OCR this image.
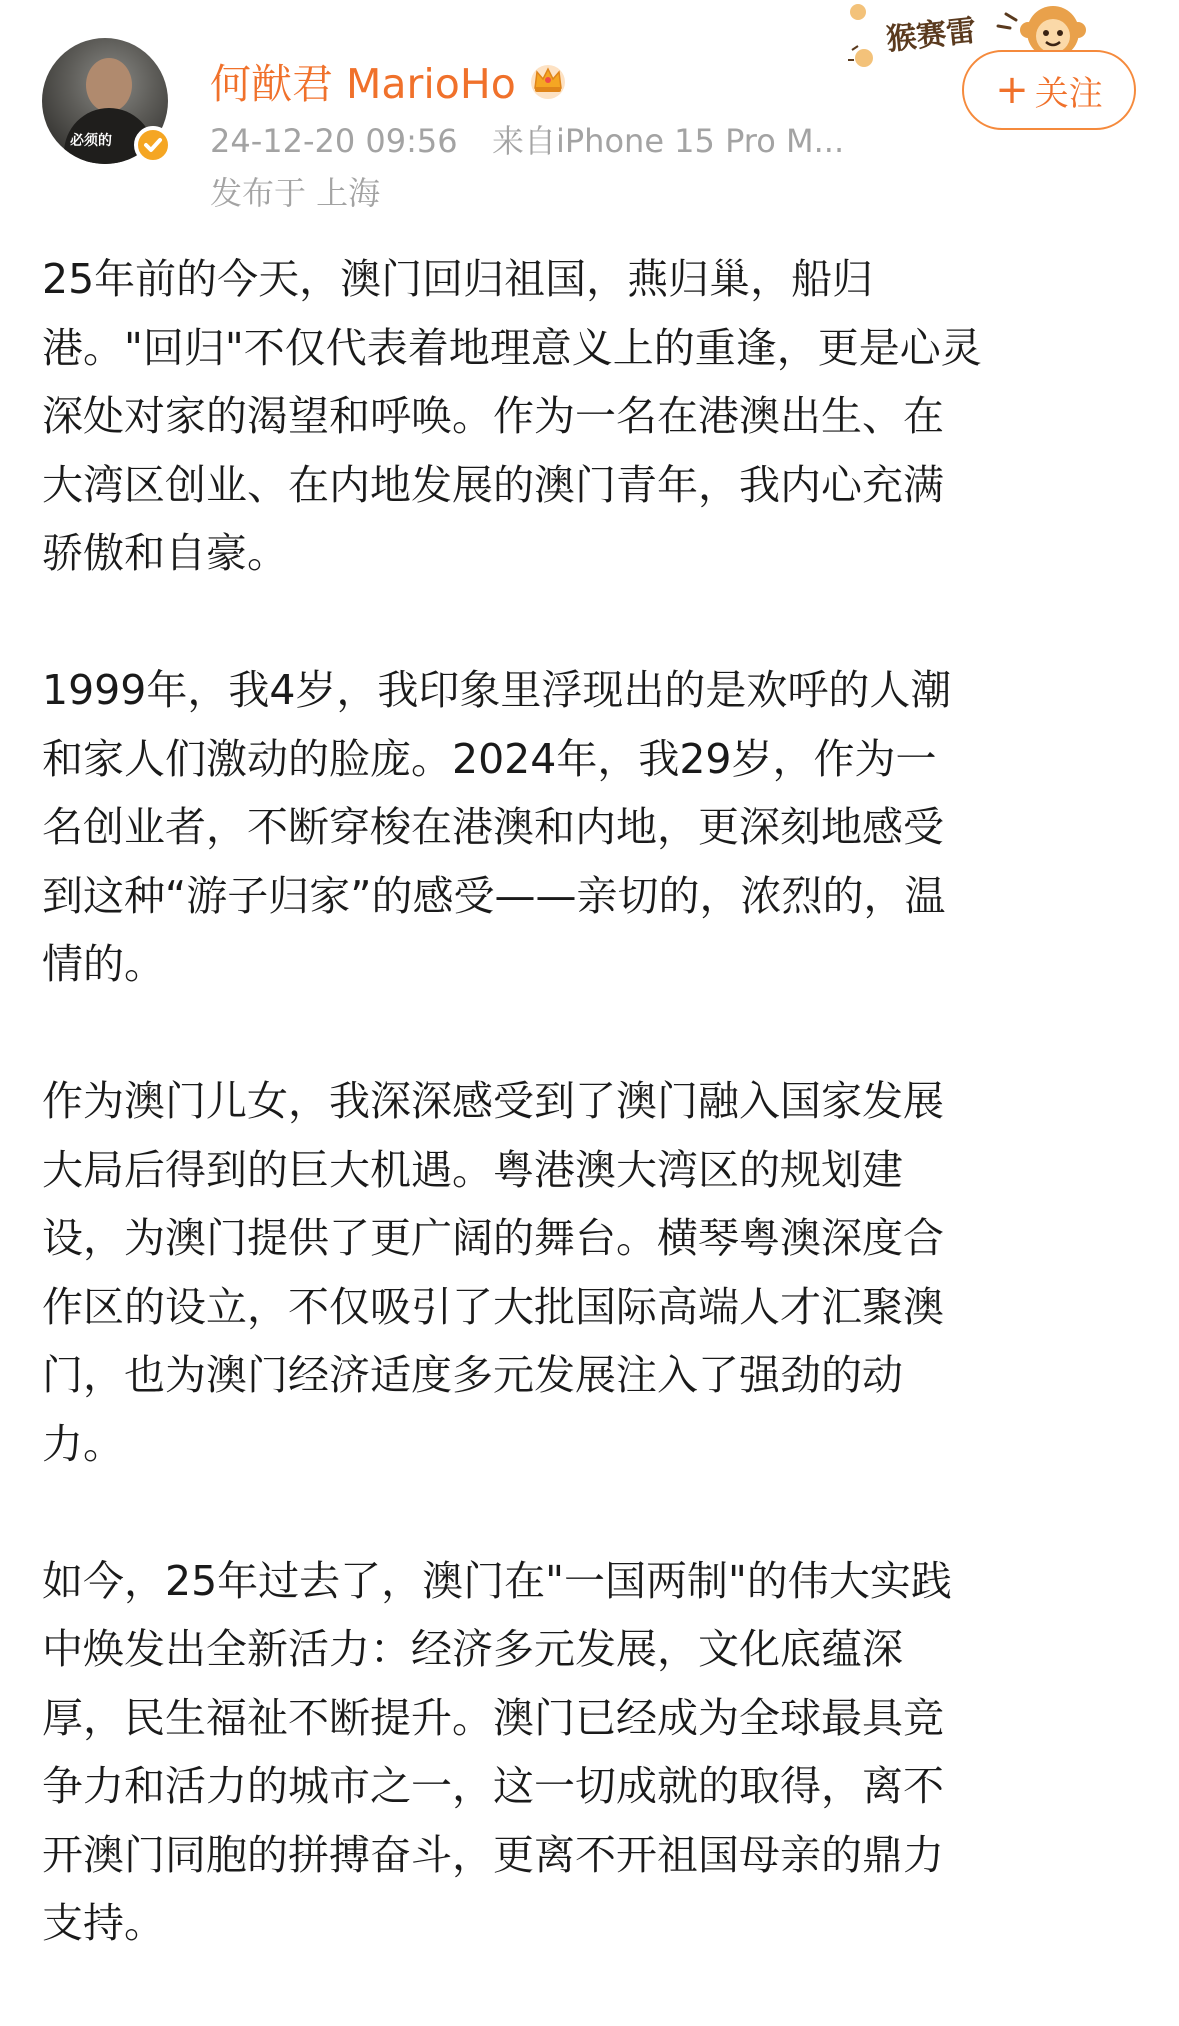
必须的
何猷君 MarioHo
24-12-20 09:56 来自iPhone 15 Pro M...
发布于 上海
猴赛雷
+ 关注

25年前的今天，澳门回归祖国，燕归巢，船归
港。"回归"不仅代表着地理意义上的重逢，更是心灵
深处对家的渴望和呼唤。作为一名在港澳出生、在
大湾区创业、在内地发展的澳门青年，我内心充满
骄傲和自豪。

1999年，我4岁，我印象里浮现出的是欢呼的人潮
和家人们激动的脸庞。2024年，我29岁，作为一
名创业者，不断穿梭在港澳和内地，更深刻地感受
到这种“游子归家”的感受——亲切的，浓烈的，温
情的。

作为澳门儿女，我深深感受到了澳门融入国家发展
大局后得到的巨大机遇。粤港澳大湾区的规划建
设，为澳门提供了更广阔的舞台。横琴粤澳深度合
作区的设立，不仅吸引了大批国际高端人才汇聚澳
门，也为澳门经济适度多元发展注入了强劲的动
力。

如今，25年过去了，澳门在"一国两制"的伟大实践
中焕发出全新活力：经济多元发展，文化底蕴深
厚，民生福祉不断提升。澳门已经成为全球最具竞
争力和活力的城市之一，这一切成就的取得，离不
开澳门同胞的拼搏奋斗，更离不开祖国母亲的鼎力
支持。
